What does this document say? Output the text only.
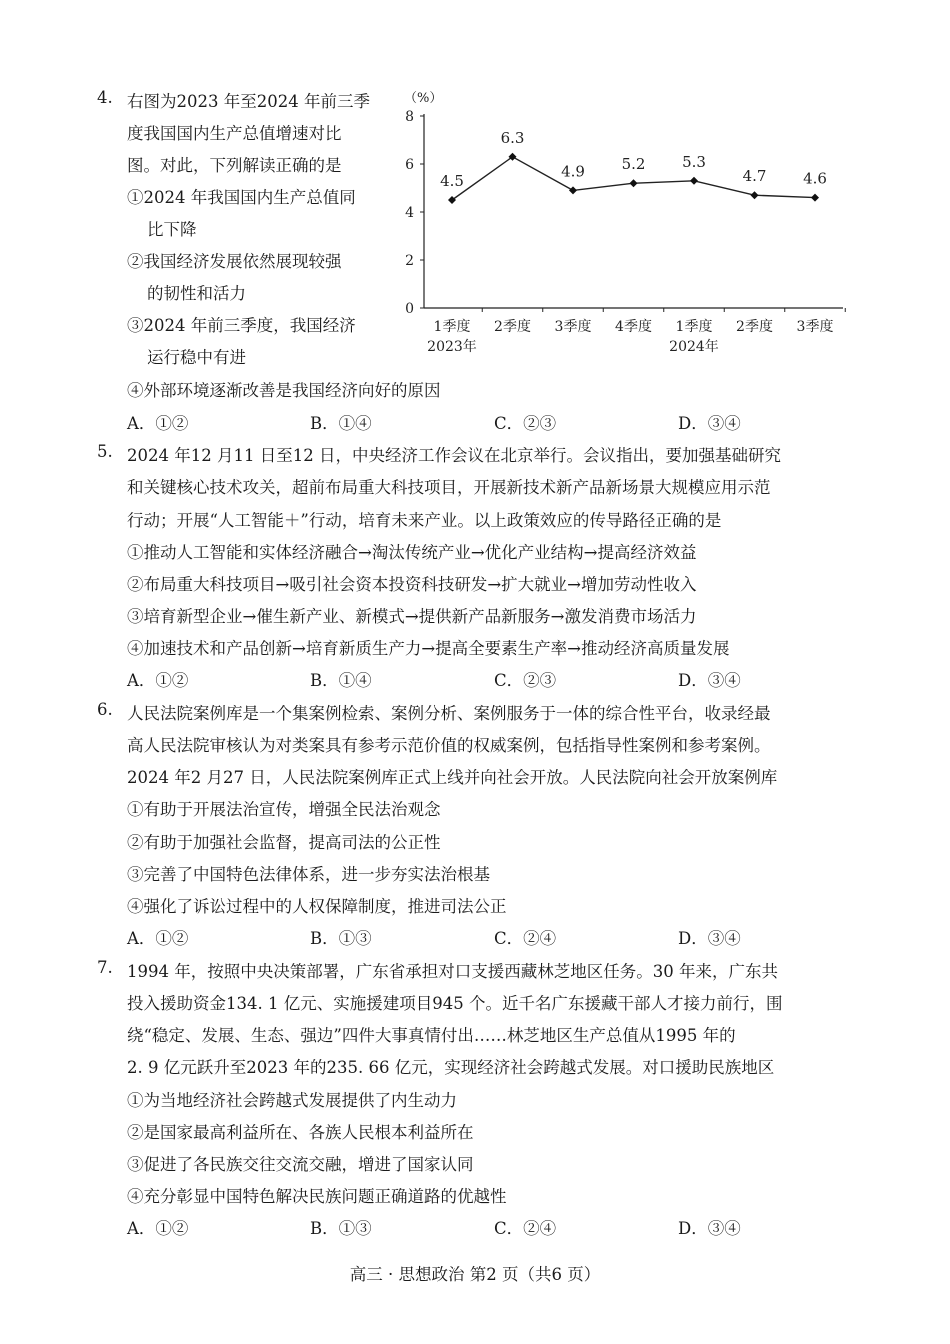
4. 右图为2023 年至2024 年前三季
度我国国内生产总值增速对比
图。对此，下列解读正确的是
①2024 年我国国内生产总值同
比下降
②我国经济发展依然展现较强
的韧性和活力
③2024 年前三季度，我国经济
运行稳中有进
④外部环境逐渐改善是我国经济向好的原因
A．①②	B．①④	C．②③	D．③④
（%）
0
2
4
6
8
1季度 2季度 3季度 4季度 1季度 2季度 3季度
2023年	2024年
4.5
6.3
4.9 5.2 5.3
4.7 4.6
5. 2024 年12 月11 日至12 日，中央经济工作会议在北京举行。会议指出，要加强基础研究
和关键核心技术攻关，超前布局重大科技项目，开展新技术新产品新场景大规模应用示范
行动；开展“人工智能＋”行动，培育未来产业。以上政策效应的传导路径正确的是
①推动人工智能和实体经济融合→淘汰传统产业→优化产业结构→提高经济效益
②布局重大科技项目→吸引社会资本投资科技研发→扩大就业→增加劳动性收入
③培育新型企业→催生新产业、新模式→提供新产品新服务→激发消费市场活力
④加速技术和产品创新→培育新质生产力→提高全要素生产率→推动经济高质量发展
A．①②	B．①④	C．②③	D．③④
6. 人民法院案例库是一个集案例检索、案例分析、案例服务于一体的综合性平台，收录经最
高人民法院审核认为对类案具有参考示范价值的权威案例，包括指导性案例和参考案例。
2024 年2 月27 日，人民法院案例库正式上线并向社会开放。人民法院向社会开放案例库
①有助于开展法治宣传，增强全民法治观念
②有助于加强社会监督，提高司法的公正性
③完善了中国特色法律体系，进一步夯实法治根基
④强化了诉讼过程中的人权保障制度，推进司法公正
A．①②	B．①③	C．②④	D．③④
7. 1994 年，按照中央决策部署，广东省承担对口支援西藏林芝地区任务。30 年来，广东共
投入援助资金134. 1 亿元、实施援建项目945 个。近千名广东援藏干部人才接力前行，围
绕“稳定、发展、生态、强边”四件大事真情付出……林芝地区生产总值从1995 年的
2. 9 亿元跃升至2023 年的235. 66 亿元，实现经济社会跨越式发展。对口援助民族地区
①为当地经济社会跨越式发展提供了内生动力
②是国家最高利益所在、各族人民根本利益所在
③促进了各民族交往交流交融，增进了国家认同
④充分彰显中国特色解决民族问题正确道路的优越性
A．①②	B．①③	C．②④	D．③④
高三 · 思想政治 第2 页（共6 页）
